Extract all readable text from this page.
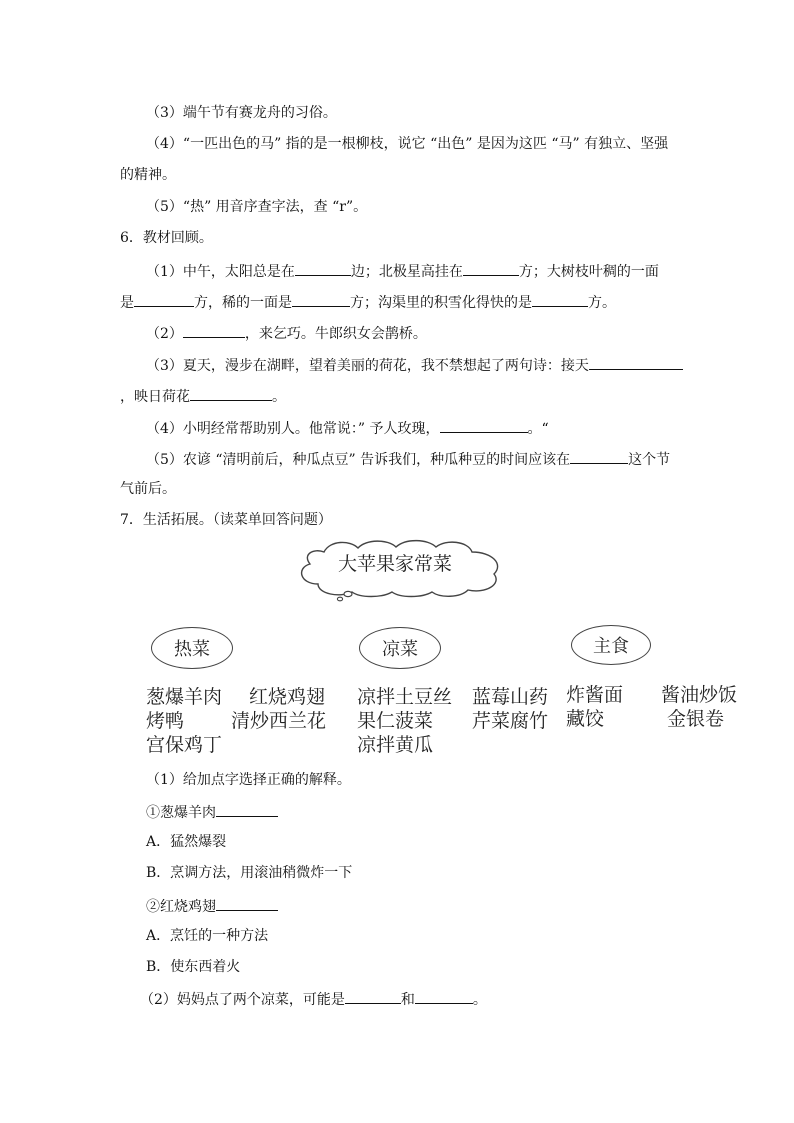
（3）端午节有赛龙舟的习俗。
（4）“一匹出色的马” 指的是一根柳枝，说它 “出色” 是因为这匹 “马” 有独立、坚强
的精神。
（5）“热” 用音序查字法，查 “r”。
6．教材回顾。
（1）中午，太阳总是在	边；北极星高挂在	方；大树枝叶稠的一面
是	方，稀的一面是	方；沟渠里的积雪化得快的是	方。
（2）	，来乞巧。牛郎织女会鹊桥。
（3）夏天，漫步在湖畔，望着美丽的荷花，我不禁想起了两句诗：接天
，映日荷花	。
（4）小明经常帮助别人。他常说：” 予人玫瑰，	。“
（5）农谚 “清明前后，种瓜点豆” 告诉我们，种瓜种豆的时间应该在	这个节
气前后。
7．生活拓展。（读菜单回答问题）
大苹果家常菜
热菜	凉菜	主食
葱爆羊肉 红烧鸡翅
烤鸭 清炒西兰花
宫保鸡丁
凉拌土豆丝 蓝莓山药
果仁菠菜 芹菜腐竹
凉拌黄瓜
炸酱面 酱油炒饭
藏饺	金银卷
（1）给加点字选择正确的解释。
①葱爆羊肉
A．猛然爆裂
B．烹调方法，用滚油稍微炸一下
②红烧鸡翅
A．烹饪的一种方法
B．使东西着火
（2）妈妈点了两个凉菜，可能是	和	。
